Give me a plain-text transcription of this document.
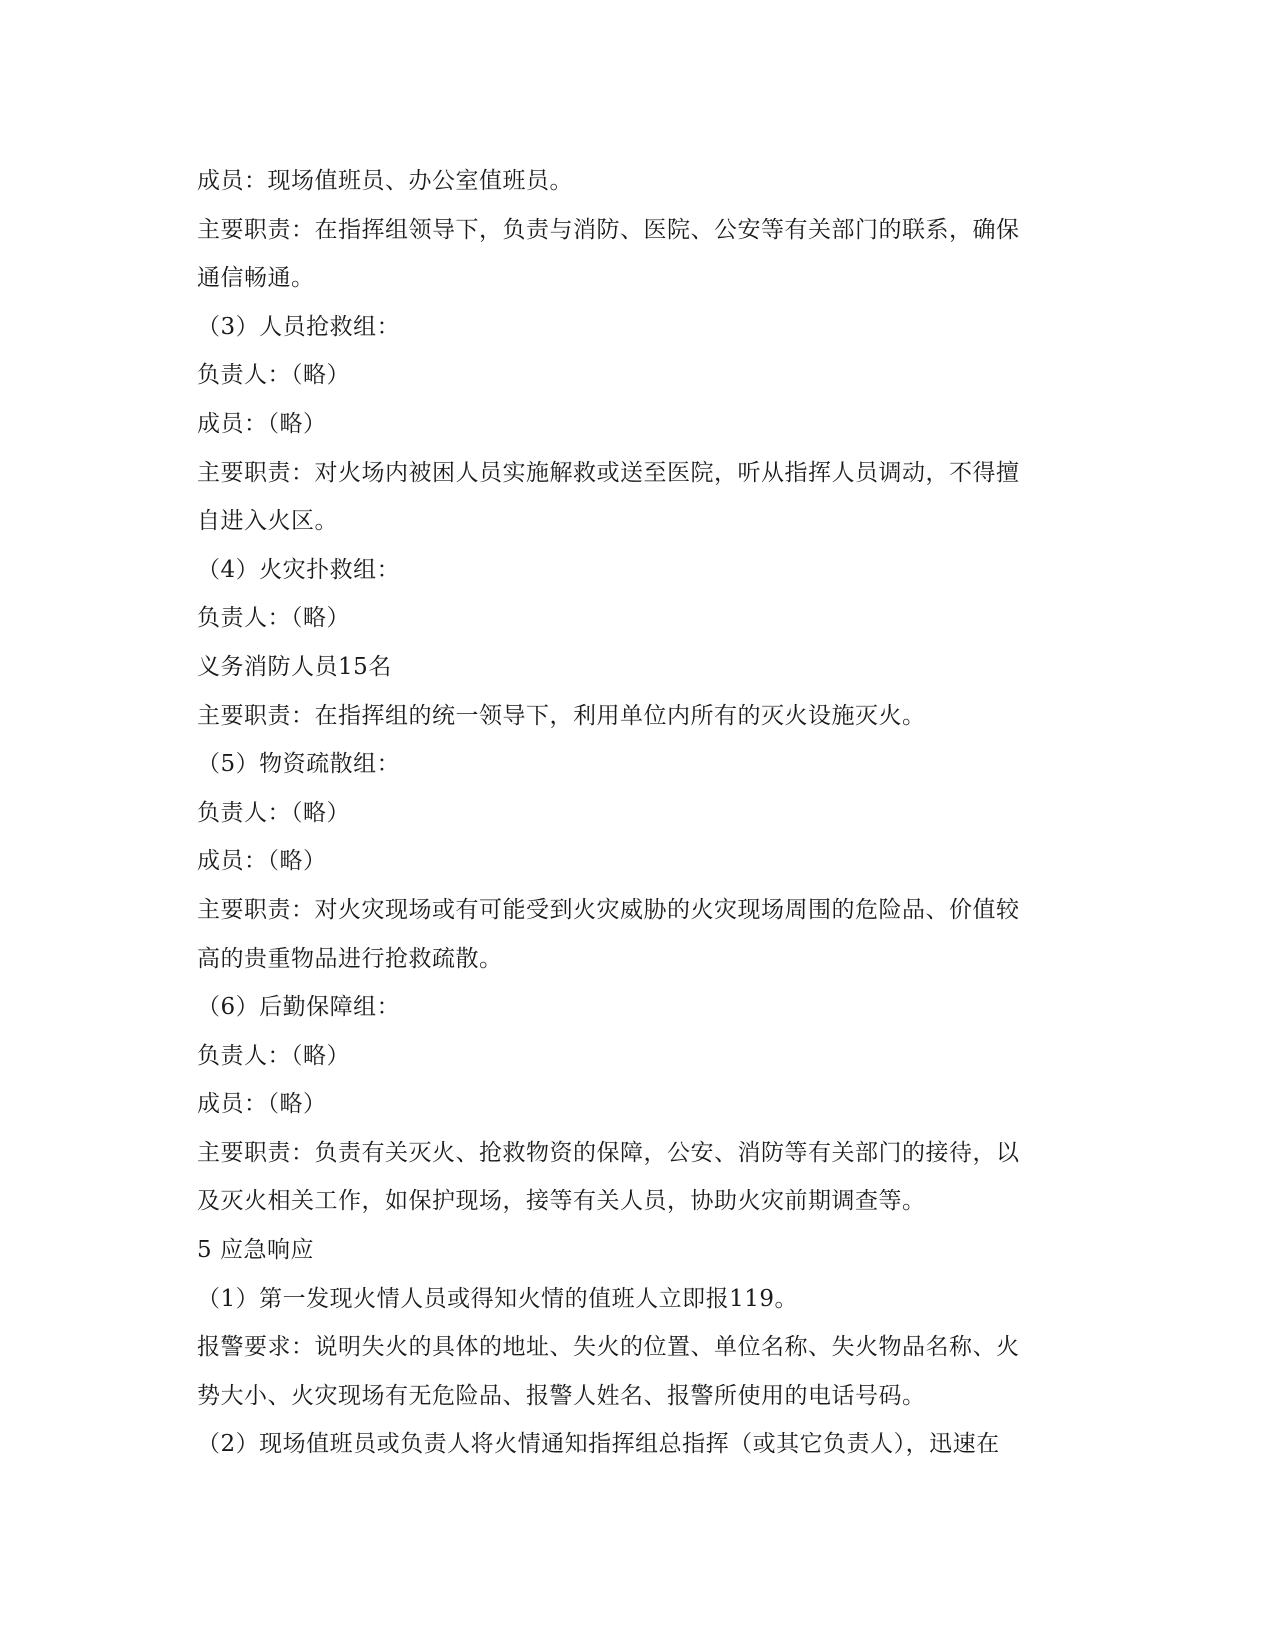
成员：现场值班员、办公室值班员。
主要职责：在指挥组领导下，负责与消防、医院、公安等有关部门的联系，确保
通信畅通。
（3）人员抢救组：
负责人：（略）
成员：（略）
主要职责：对火场内被困人员实施解救或送至医院，听从指挥人员调动，不得擅
自进入火区。
（4）火灾扑救组：
负责人：（略）
义务消防人员15名
主要职责：在指挥组的统一领导下，利用单位内所有的灭火设施灭火。
（5）物资疏散组：
负责人：（略）
成员：（略）
主要职责：对火灾现场或有可能受到火灾威胁的火灾现场周围的危险品、价值较
高的贵重物品进行抢救疏散。
（6）后勤保障组：
负责人：（略）
成员：（略）
主要职责：负责有关灭火、抢救物资的保障，公安、消防等有关部门的接待，以
及灭火相关工作，如保护现场，接等有关人员，协助火灾前期调查等。
5 应急响应
（1）第一发现火情人员或得知火情的值班人立即报119。
报警要求：说明失火的具体的地址、失火的位置、单位名称、失火物品名称、火
势大小、火灾现场有无危险品、报警人姓名、报警所使用的电话号码。
（2）现场值班员或负责人将火情通知指挥组总指挥（或其它负责人），迅速在
